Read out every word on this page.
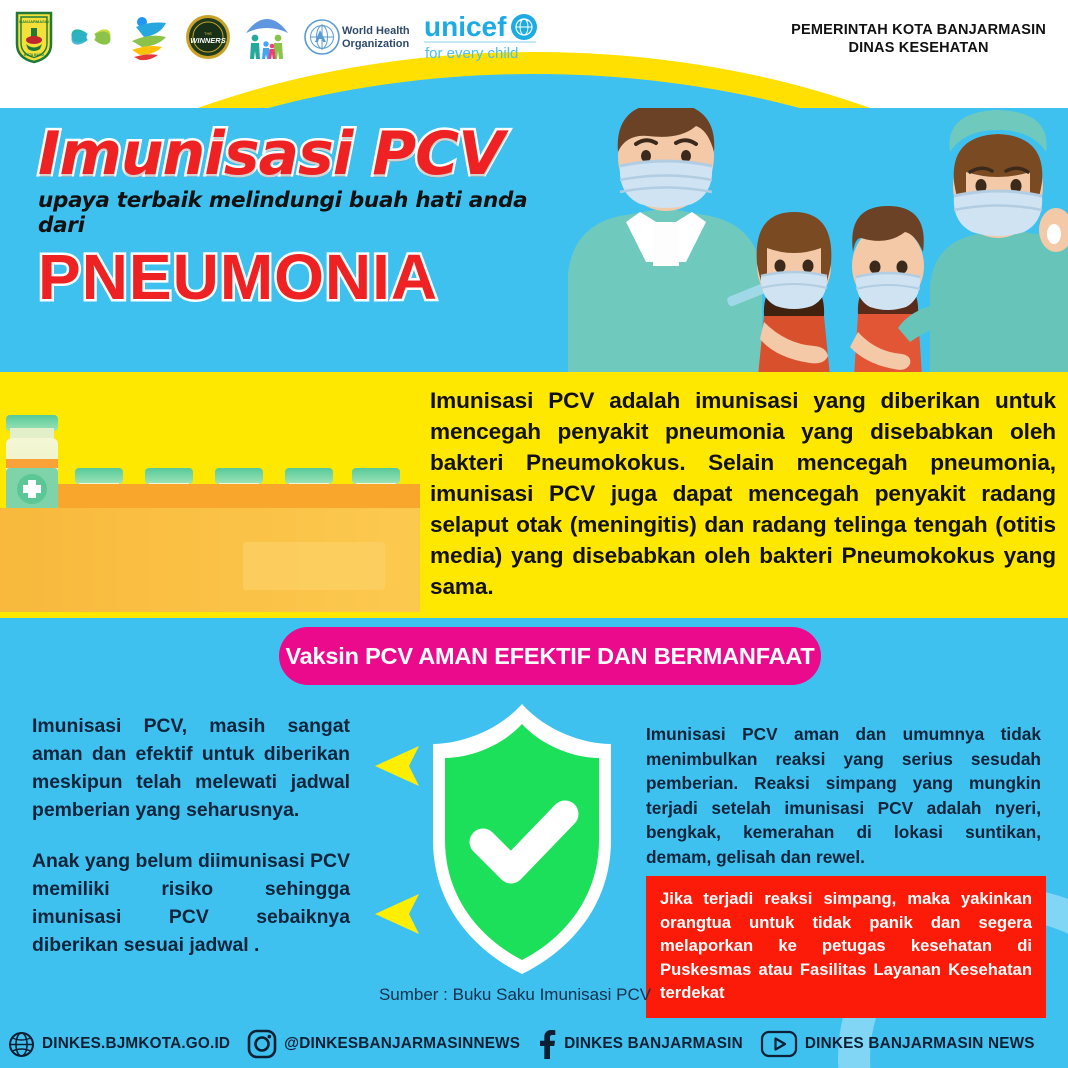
Imunisasi PCV
upaya terbaik melindungi buah hati anda dari
PNEUMONIA
BANJARMASIN
KOTA BARU
THE
WINNERS
World Health
Organization
unicef
for every child
PEMERINTAH KOTA BANJARMASIN
DINAS KESEHATAN
Imunisasi PCV adalah imunisasi yang diberikan untuk mencegah penyakit pneumonia yang disebabkan oleh bakteri Pneumokokus. Selain mencegah pneumonia, imunisasi PCV juga dapat mencegah penyakit radang selaput otak (meningitis) dan radang telinga tengah (otitis media) yang disebabkan oleh bakteri Pneumokokus yang sama.
Vaksin PCV AMAN EFEKTIF DAN BERMANFAAT

Imunisasi PCV, masih sangat aman dan efektif untuk diberikan meskipun telah melewati jadwal pemberian yang seharusnya.

Anak yang belum diimunisasi PCV memiliki risiko sehingga imunisasi PCV sebaiknya diberikan sesuai jadwal .

Imunisasi PCV aman dan umumnya tidak menimbulkan reaksi yang serius sesudah pemberian. Reaksi simpang yang mungkin terjadi setelah imunisasi PCV adalah nyeri, bengkak, kemerahan di lokasi suntikan, demam, gelisah dan rewel.

Jika terjadi reaksi simpang, maka yakinkan orangtua untuk tidak panik dan segera melaporkan ke petugas kesehatan di Puskesmas atau Fasilitas Layanan Kesehatan terdekat
Sumber : Buku Saku Imunisasi PCV
DINKES.BJMKOTA.GO.ID	@DINKESBANJARMASINNEWS	DINKES BANJARMASIN	DINKES BANJARMASIN NEWS
